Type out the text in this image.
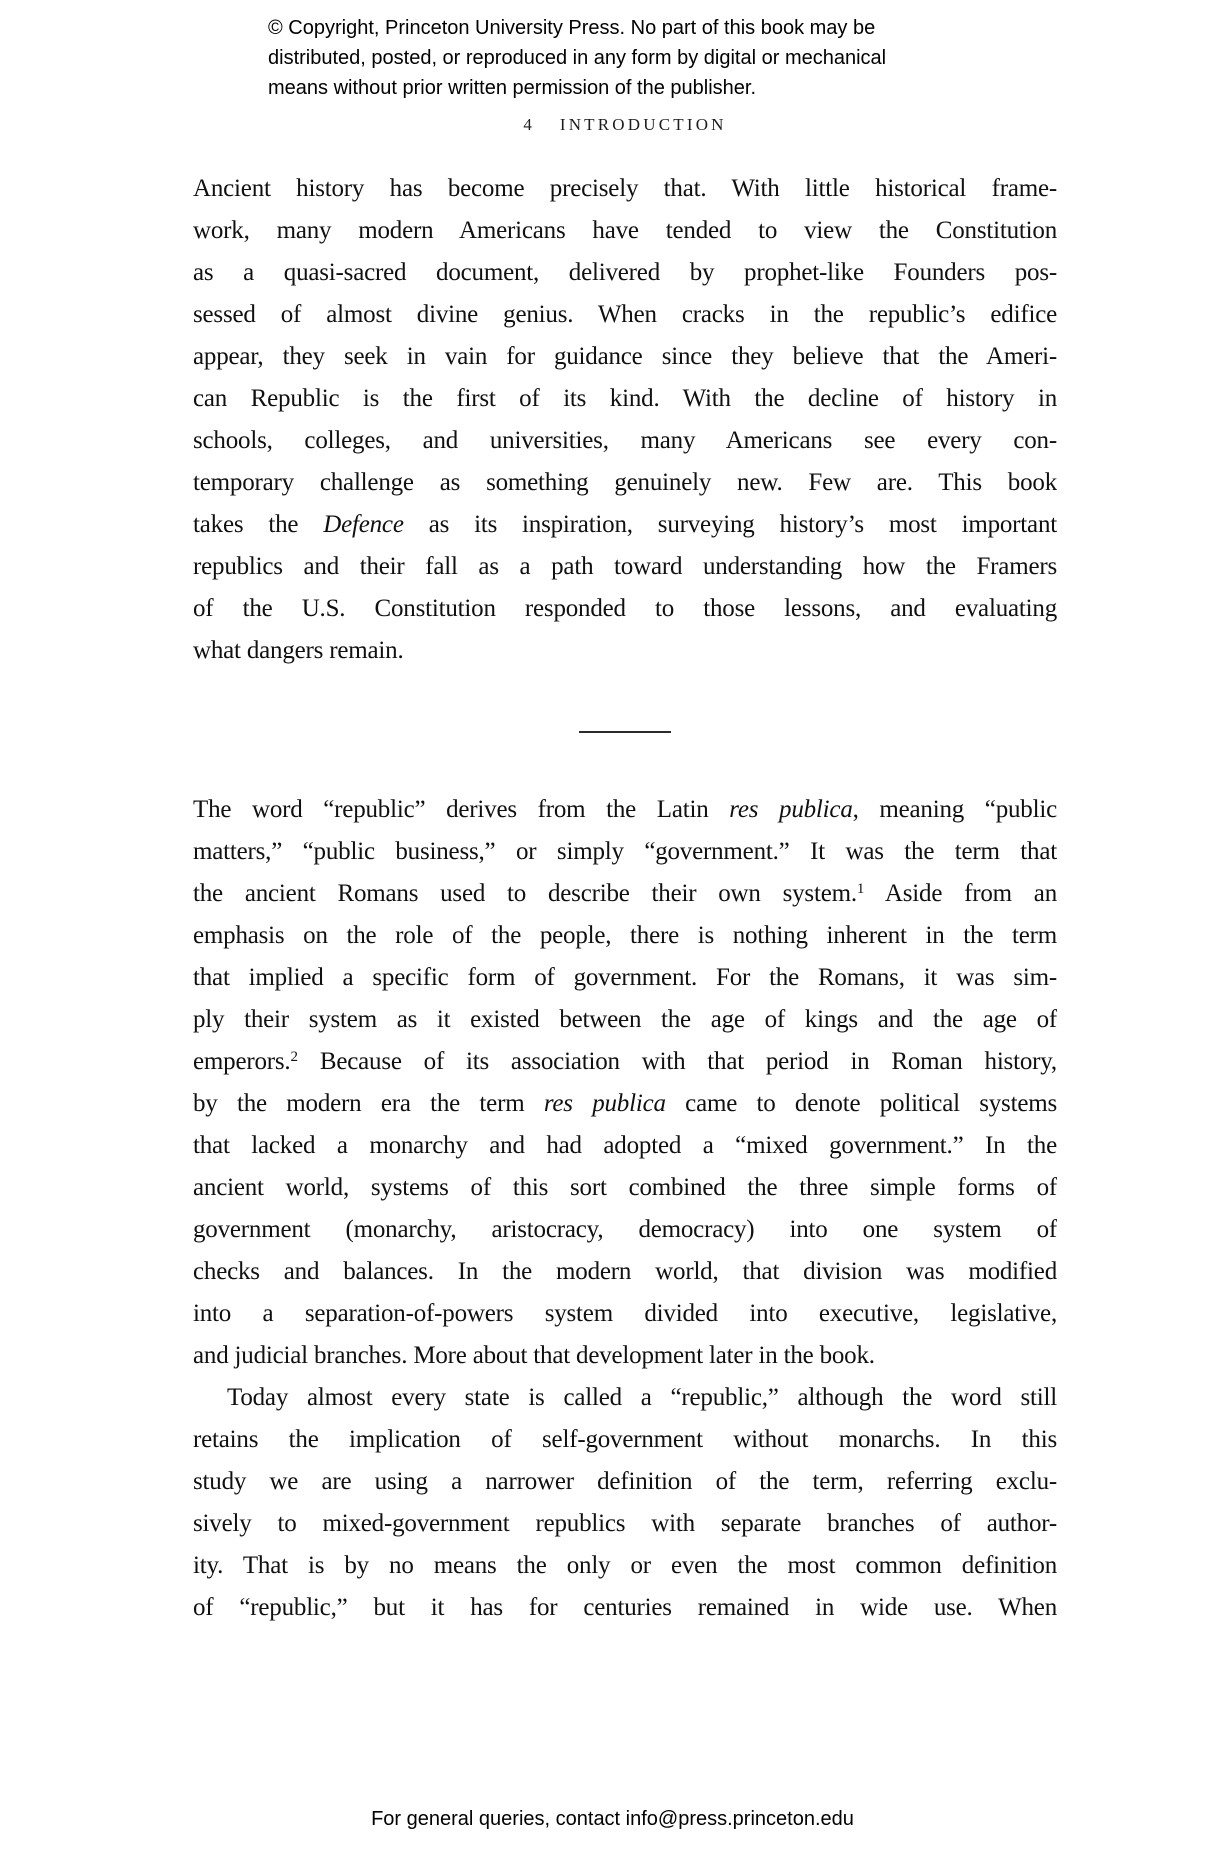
© Copyright, Princeton University Press. No part of this book may be
distributed, posted, or reproduced in any form by digital or mechanical
means without prior written permission of the publisher.
4 INTRODUCTION
Ancient history has become precisely that. With little historical frame-
work, many modern Americans have tended to view the Constitution
as a quasi-sacred document, delivered by prophet-like Founders pos-
sessed of almost divine genius. When cracks in the republic’s edifice
appear, they seek in vain for guidance since they believe that the Ameri-
can Republic is the first of its kind. With the decline of history in
schools, colleges, and universities, many Americans see every con-
temporary challenge as something genuinely new. Few are. This book
takes the Defence as its inspiration, surveying history’s most important
republics and their fall as a path toward understanding how the Framers
of the U.S. Constitution responded to those lessons, and evaluating
what dangers remain.
The word “republic” derives from the Latin res publica, meaning “public
matters,” “public business,” or simply “government.” It was the term that
the ancient Romans used to describe their own system.$^1$ Aside from an
emphasis on the role of the people, there is nothing inherent in the term
that implied a specific form of government. For the Romans, it was sim-
ply their system as it existed between the age of kings and the age of
emperors.$^2$ Because of its association with that period in Roman history,
by the modern era the term res publica came to denote political systems
that lacked a monarchy and had adopted a “mixed government.” In the
ancient world, systems of this sort combined the three simple forms of
government (monarchy, aristocracy, democracy) into one system of
checks and balances. In the modern world, that division was modified
into a separation-of-powers system divided into executive, legislative,
and judicial branches. More about that development later in the book.
Today almost every state is called a “republic,” although the word still
retains the implication of self-government without monarchs. In this
study we are using a narrower definition of the term, referring exclu-
sively to mixed-government republics with separate branches of author-
ity. That is by no means the only or even the most common definition
of “republic,” but it has for centuries remained in wide use. When
For general queries, contact info@press.princeton.edu
